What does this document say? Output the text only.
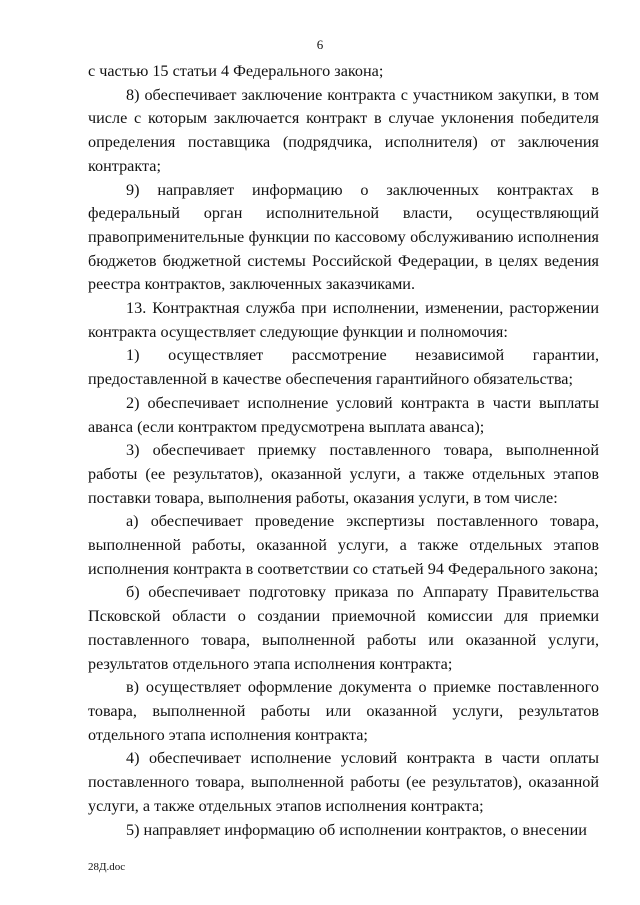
6

с частью 15 статьи 4 Федерального закона;

8) обеспечивает заключение контракта с участником закупки, в том числе с которым заключается контракт в случае уклонения победителя определения поставщика (подрядчика, исполнителя) от заключения контракта;

9) направляет информацию о заключенных контрактах в федеральный орган исполнительной власти, осуществляющий правоприменительные функции по кассовому обслуживанию исполнения бюджетов бюджетной системы Российской Федерации, в целях ведения реестра контрактов, заключенных заказчиками.

13. Контрактная служба при исполнении, изменении, расторжении контракта осуществляет следующие функции и полномочия:

1) осуществляет рассмотрение независимой гарантии, предоставленной в качестве обеспечения гарантийного обязательства;

2) обеспечивает исполнение условий контракта в части выплаты аванса (если контрактом предусмотрена выплата аванса);

3) обеспечивает приемку поставленного товара, выполненной работы (ее результатов), оказанной услуги, а также отдельных этапов поставки товара, выполнения работы, оказания услуги, в том числе:

а) обеспечивает проведение экспертизы поставленного товара, выполненной работы, оказанной услуги, а также отдельных этапов исполнения контракта в соответствии со статьей 94 Федерального закона;

б) обеспечивает подготовку приказа по Аппарату Правительства Псковской области о создании приемочной комиссии для приемки поставленного товара, выполненной работы или оказанной услуги, результатов отдельного этапа исполнения контракта;

в) осуществляет оформление документа о приемке поставленного товара, выполненной работы или оказанной услуги, результатов отдельного этапа исполнения контракта;

4) обеспечивает исполнение условий контракта в части оплаты поставленного товара, выполненной работы (ее результатов), оказанной услуги, а также отдельных этапов исполнения контракта;

5) направляет информацию об исполнении контрактов, о внесении

28Д.doc
